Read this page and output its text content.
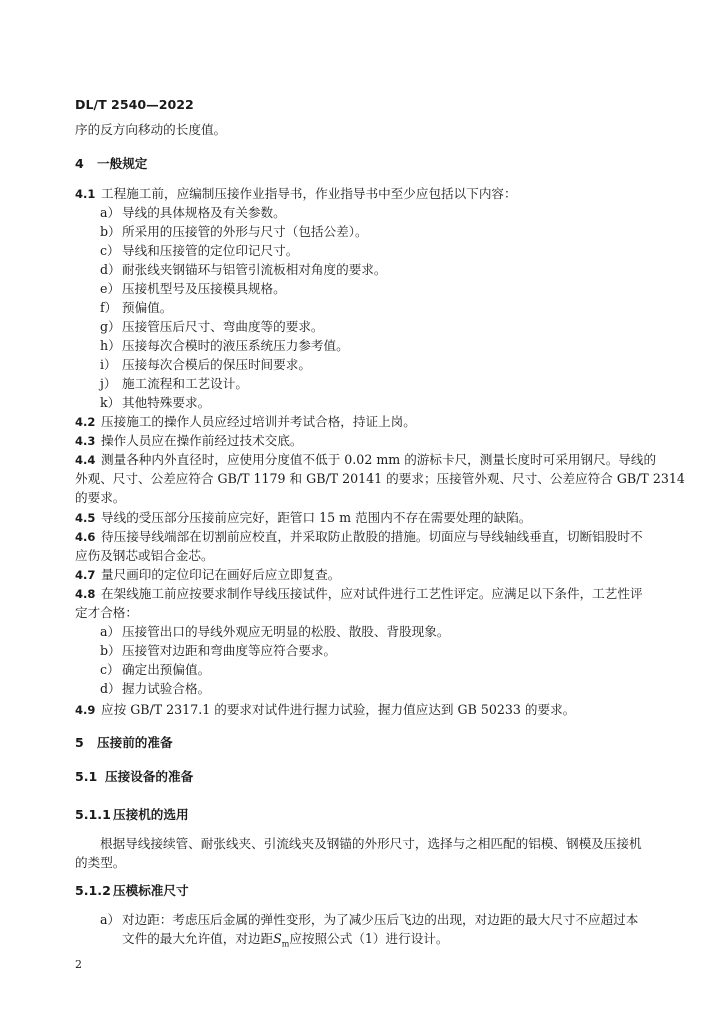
DL/T 2540—2022
序的反方向移动的长度值。
4 一般规定
4.1 工程施工前，应编制压接作业指导书，作业指导书中至少应包括以下内容：
a） 导线的具体规格及有关参数。
b）所采用的压接管的外形与尺寸（包括公差）。
c） 导线和压接管的定位印记尺寸。
d）耐张线夹钢锚环与铝管引流板相对角度的要求。
e） 压接机型号及压接模具规格。
f） 预偏值。
g）压接管压后尺寸、弯曲度等的要求。
h）压接每次合模时的液压系统压力参考值。
i） 压接每次合模后的保压时间要求。
j） 施工流程和工艺设计。
k） 其他特殊要求。
4.2 压接施工的操作人员应经过培训并考试合格，持证上岗。
4.3 操作人员应在操作前经过技术交底。
4.4 测量各种内外直径时，应使用分度值不低于 0.02 mm 的游标卡尺，测量长度时可采用钢尺。导线的
外观、尺寸、公差应符合 GB/T 1179 和 GB/T 20141 的要求；压接管外观、尺寸、公差应符合 GB/T 2314
的要求。
4.5 导线的受压部分压接前应完好，距管口 15 m 范围内不存在需要处理的缺陷。
4.6 待压接导线端部在切割前应校直，并采取防止散股的措施。切面应与导线轴线垂直，切断铝股时不
应伤及钢芯或铝合金芯。
4.7 量尺画印的定位印记在画好后应立即复查。
4.8 在架线施工前应按要求制作导线压接试件，应对试件进行工艺性评定。应满足以下条件，工艺性评
定才合格：
a） 压接管出口的导线外观应无明显的松股、散股、背股现象。
b）压接管对边距和弯曲度等应符合要求。
c） 确定出预偏值。
d）握力试验合格。
4.9 应按 GB/T 2317.1 的要求对试件进行握力试验，握力值应达到 GB 50233 的要求。
5 压接前的准备
5.1 压接设备的准备
5.1.1 压接机的选用
根据导线接续管、耐张线夹、引流线夹及钢锚的外形尺寸，选择与之相匹配的铝模、钢模及压接机
的类型。
5.1.2 压模标准尺寸
a） 对边距：考虑压后金属的弹性变形，为了减少压后飞边的出现，对边距的最大尺寸不应超过本
文件的最大允许值，对边距$S_m$应按照公式（1）进行设计。
2
